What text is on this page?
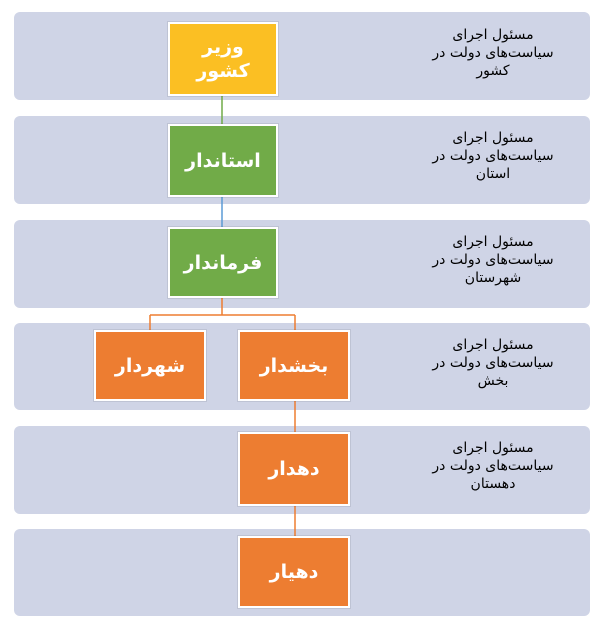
وزیر
کشور
استاندار
فرماندار
شهردار	بخشدار
دهدار
دهیار
مسئول اجرای
سیاست‌های دولت در
کشور
مسئول اجرای
سیاست‌های دولت در
استان
مسئول اجرای
سیاست‌های دولت در
شهرستان
مسئول اجرای
سیاست‌های دولت در
بخش
مسئول اجرای
سیاست‌های دولت در
دهستان
